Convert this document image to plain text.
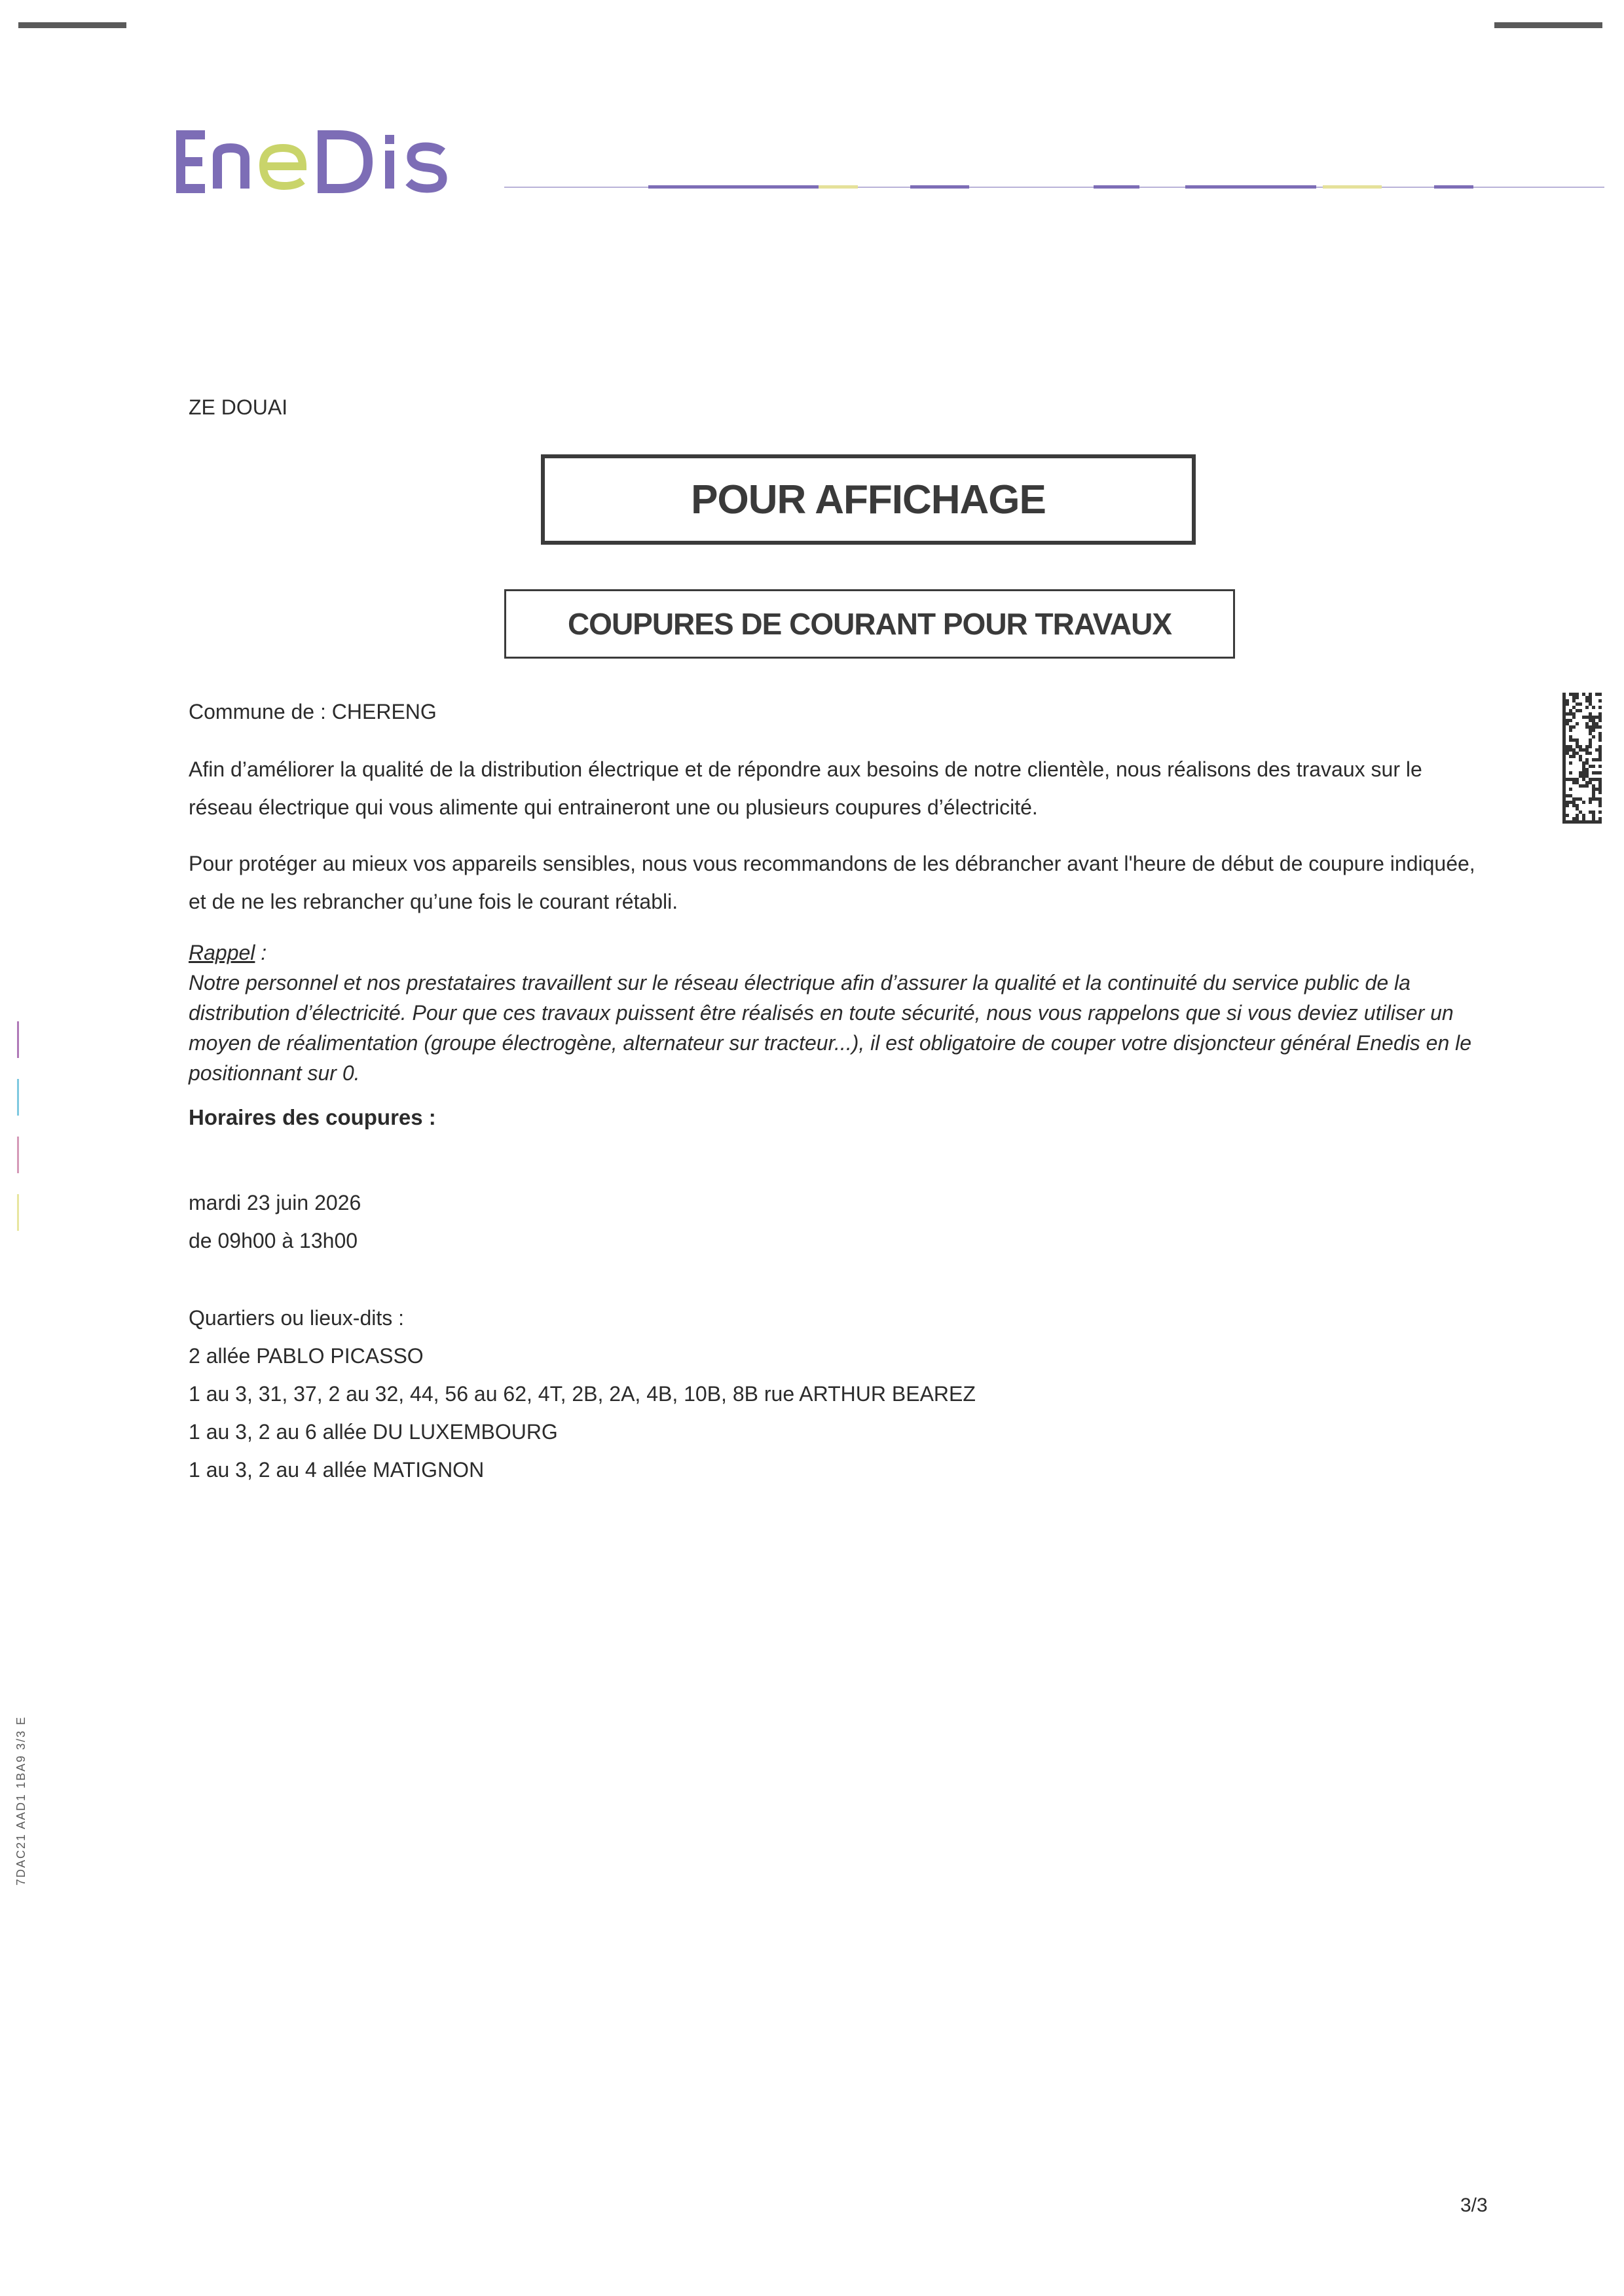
ZE DOUAI
POUR AFFICHAGE
COUPURES DE COURANT POUR TRAVAUX
Commune de : CHERENG
Afin d’améliorer la qualité de la distribution électrique et de répondre aux besoins de notre clientèle, nous réalisons des travaux sur le réseau électrique qui vous alimente qui entraineront une ou plusieurs coupures d’électricité.
Pour protéger au mieux vos appareils sensibles, nous vous recommandons de les débrancher avant l'heure de début de coupure indiquée, et de ne les rebrancher qu’une fois le courant rétabli.
Rappel :
Notre personnel et nos prestataires travaillent sur le réseau électrique afin d’assurer la qualité et la continuité du service public de la distribution d’électricité. Pour que ces travaux puissent être réalisés en toute sécurité, nous vous rappelons que si vous deviez utiliser un moyen de réalimentation (groupe électrogène, alternateur sur tracteur...), il est obligatoire de couper votre disjoncteur général Enedis en le positionnant sur 0.
Horaires des coupures :
mardi 23 juin 2026
de 09h00 à 13h00
Quartiers ou lieux-dits :
2 allée PABLO PICASSO
1 au 3, 31, 37, 2 au 32, 44, 56 au 62, 4T, 2B, 2A, 4B, 10B, 8B rue ARTHUR BEAREZ
1 au 3, 2 au 6 allée DU LUXEMBOURG
1 au 3, 2 au 4 allée MATIGNON
7DAC21 AAD1 1BA9 3/3 E
3/3
